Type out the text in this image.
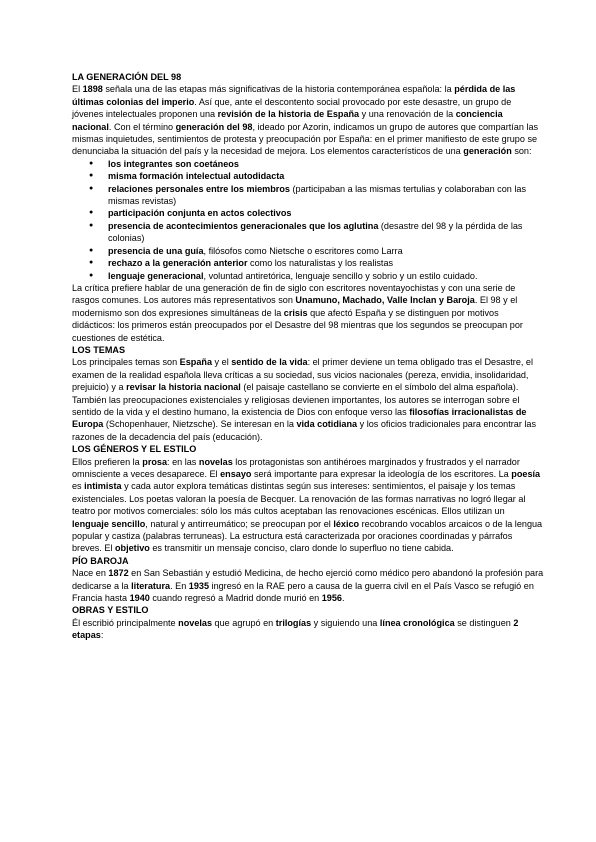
LA GENERACIÓN DEL 98

El 1898 señala una de las etapas más significativas de la historia contemporánea española: la pérdida de las últimas colonias del imperio. Así que, ante el descontento social provocado por este desastre, un grupo de jóvenes intelectuales proponen una revisión de la historia de España y una renovación de la conciencia nacional. Con el término generación del 98, ideado por Azorin, indicamos un grupo de autores que compartían las mismas inquietudes, sentimientos de protesta y preocupación por España: en el primer manifiesto de este grupo se denunciaba la situación del país y la necesidad de mejora. Los elementos característicos de una generación son:

● los integrantes son coetáneos
● misma formación intelectual autodidacta
● relaciones personales entre los miembros (participaban a las mismas tertulias y colaboraban con las mismas revistas)
● participación conjunta en actos colectivos
● presencia de acontecimientos generacionales que los aglutina (desastre del 98 y la pérdida de las colonias)
● presencia de una guía, filósofos como Nietsche o escritores como Larra
● rechazo a la generación anterior como los naturalistas y los realistas
● lenguaje generacional, voluntad antiretórica, lenguaje sencillo y sobrio y un estilo cuidado.

La crítica prefiere hablar de una generación de fin de siglo con escritores noventayochistas y con una serie de rasgos comunes. Los autores más representativos son Unamuno, Machado, Valle Inclan y Baroja. El 98 y el modernismo son dos expresiones simultáneas de la crisis que afectó España y se distinguen por motivos didácticos: los primeros están preocupados por el Desastre del 98 mientras que los segundos se preocupan por cuestiones de estética.

LOS TEMAS

Los principales temas son España y el sentido de la vida: el primer deviene un tema obligado tras el Desastre, el examen de la realidad española lleva críticas a su sociedad, sus vicios nacionales (pereza, envidia, insolidaridad, prejuicio) y a revisar la historia nacional (el paisaje castellano se convierte en el símbolo del alma española). También las preocupaciones existenciales y religiosas devienen importantes, los autores se interrogan sobre el sentido de la vida y el destino humano, la existencia de Dios con enfoque verso las filosofías irracionalistas de Europa (Schopenhauer, Nietzsche). Se interesan en la vida cotidiana y los oficios tradicionales para encontrar las razones de la decadencia del país (educación).

LOS GÉNEROS Y EL ESTILO

Ellos prefieren la prosa: en las novelas los protagonistas son antihéroes marginados y frustrados y el narrador omnisciente a veces desaparece. El ensayo será importante para expresar la ideología de los escritores. La poesía es intimista y cada autor explora temáticas distintas según sus intereses: sentimientos, el paisaje y los temas existenciales. Los poetas valoran la poesía de Becquer. La renovación de las formas narrativas no logró llegar al teatro por motivos comerciales: sólo los más cultos aceptaban las renovaciones escénicas. Ellos utilizan un lenguaje sencillo, natural y antirreumático; se preocupan por el léxico recobrando vocablos arcaicos o de la lengua popular y castiza (palabras terruneas). La estructura está caracterizada por oraciones coordinadas y párrafos breves. El objetivo es transmitir un mensaje conciso, claro donde lo superfluo no tiene cabida.

PÍO BAROJA

Nace en 1872 en San Sebastián y estudió Medicina, de hecho ejerció como médico pero abandonó la profesión para dedicarse a la literatura. En 1935 ingresó en la RAE pero a causa de la guerra civil en el País Vasco se refugió en Francia hasta 1940 cuando regresó a Madrid donde murió en 1956.

OBRAS Y ESTILO

Él escribió principalmente novelas que agrupó en trilogías y siguiendo una línea cronológica se distinguen 2 etapas:
